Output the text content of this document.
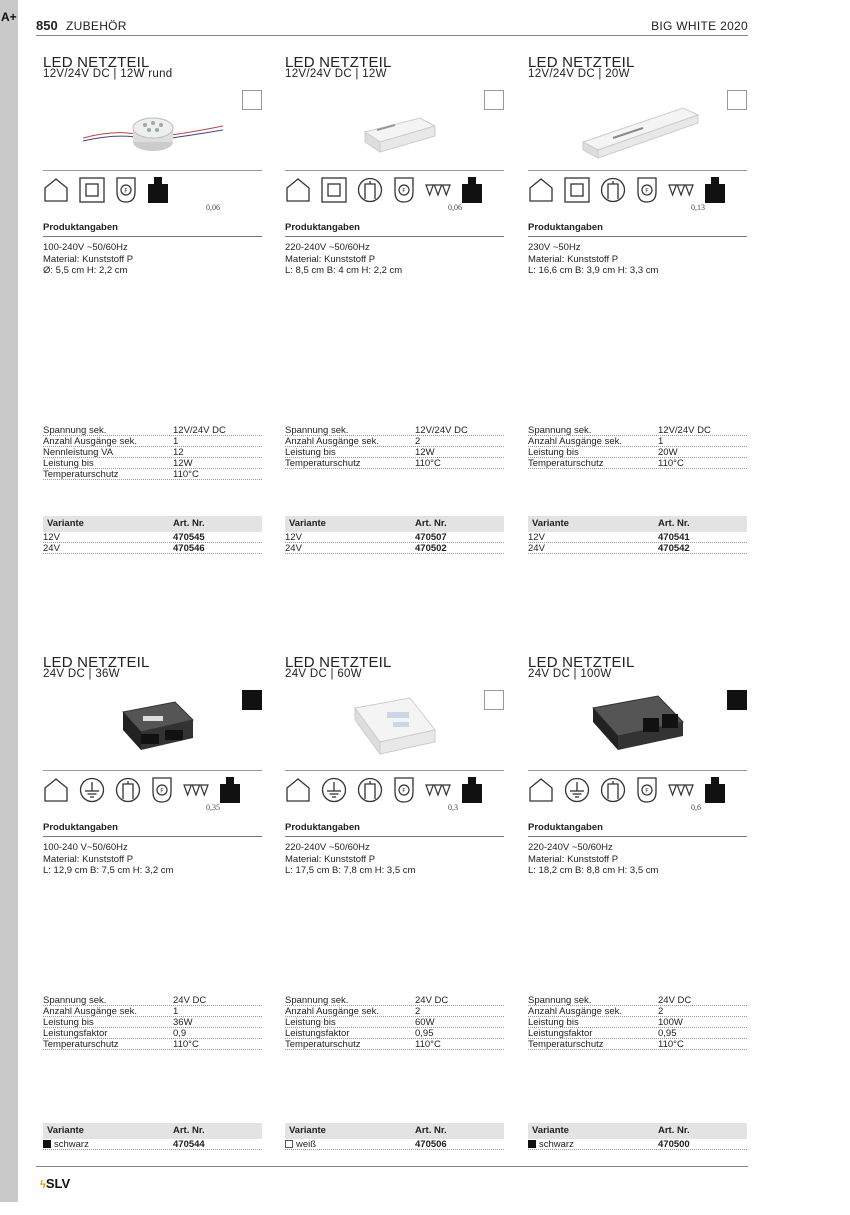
A+
850 ZUBEHÖR	BIG WHITE 2020
LED NETZTEIL
12V/24V DC | 12W rund
F
0,06
Produktangaben
100-240V ~50/60Hz
Material: Kunststoff P
Ø: 5,5 cm H: 2,2 cm
Spannung sek.	12V/24V DC
Anzahl Ausgänge sek.	1
Nennleistung VA	12
Leistung bis	12W
Temperaturschutz	110°C
Variante	Art. Nr.
12V	470545
24V	470546
LED NETZTEIL
12V/24V DC | 12W
F
0,06
Produktangaben
220-240V ~50/60Hz
Material: Kunststoff P
L: 8,5 cm B: 4 cm H: 2,2 cm
Spannung sek.	12V/24V DC
Anzahl Ausgänge sek.	2
Leistung bis	12W
Temperaturschutz	110°C
Variante	Art. Nr.
12V	470507
24V	470502
LED NETZTEIL
12V/24V DC | 20W
F
0,13
Produktangaben
230V ~50Hz
Material: Kunststoff P
L: 16,6 cm B: 3,9 cm H: 3,3 cm
Spannung sek.	12V/24V DC
Anzahl Ausgänge sek.	1
Leistung bis	20W
Temperaturschutz	110°C
Variante	Art. Nr.
12V	470541
24V	470542
LED NETZTEIL
24V DC | 36W
F
0,35
Produktangaben
100-240 V~50/60Hz
Material: Kunststoff P
L: 12,9 cm B: 7,5 cm H: 3,2 cm
Spannung sek.	24V DC
Anzahl Ausgänge sek.	1
Leistung bis	36W
Leistungsfaktor	0,9
Temperaturschutz	110°C
Variante	Art. Nr.
schwarz	470544
LED NETZTEIL
24V DC | 60W
F
0,3
Produktangaben
220-240V ~50/60Hz
Material: Kunststoff P
L: 17,5 cm B: 7,8 cm H: 3,5 cm
Spannung sek.	24V DC
Anzahl Ausgänge sek.	2
Leistung bis	60W
Leistungsfaktor	0,95
Temperaturschutz	110°C
Variante	Art. Nr.
weiß	470506
LED NETZTEIL
24V DC | 100W
F
0,6
Produktangaben
220-240V ~50/60Hz
Material: Kunststoff P
L: 18,2 cm B: 8,8 cm H: 3,5 cm
Spannung sek.	24V DC
Anzahl Ausgänge sek.	2
Leistung bis	100W
Leistungsfaktor	0,95
Temperaturschutz	110°C
Variante	Art. Nr.
schwarz	470500
ϟSLV
